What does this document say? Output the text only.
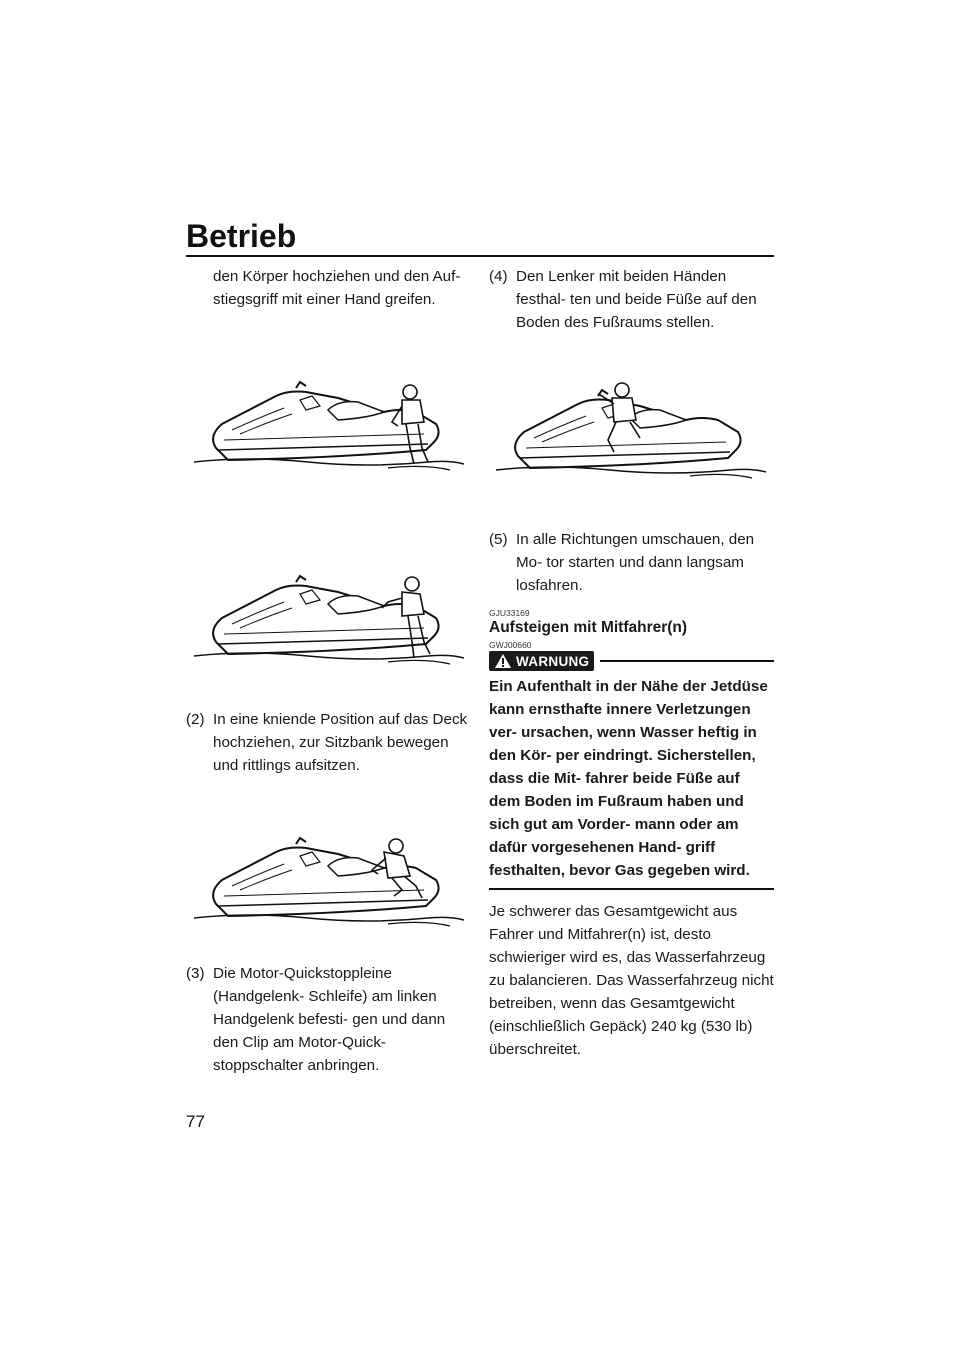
Betrieb

den Körper hochziehen und den Auf- stiegsgriff mit einer Hand greifen.

(2) In eine kniende Position auf das Deck hochziehen, zur Sitzbank bewegen und rittlings aufsitzen.
(3) Die Motor-Quickstoppleine (Handgelenk- Schleife) am linken Handgelenk befesti- gen und dann den Clip am Motor-Quick- stoppschalter anbringen.
(4) Den Lenker mit beiden Händen festhal- ten und beide Füße auf den Boden des Fußraums stellen.
(5) In alle Richtungen umschauen, den Mo- tor starten und dann langsam losfahren.

GJU33169

Aufsteigen mit Mitfahrer(n)

GWJ00660

WARNUNG

Ein Aufenthalt in der Nähe der Jetdüse kann ernsthafte innere Verletzungen ver- ursachen, wenn Wasser heftig in den Kör- per eindringt. Sicherstellen, dass die Mit- fahrer beide Füße auf dem Boden im Fußraum haben und sich gut am Vorder- mann oder am dafür vorgesehenen Hand- griff festhalten, bevor Gas gegeben wird.

Je schwerer das Gesamtgewicht aus Fahrer und Mitfahrer(n) ist, desto schwieriger wird es, das Wasserfahrzeug zu balancieren. Das Wasserfahrzeug nicht betreiben, wenn das Gesamtgewicht (einschließlich Gepäck) 240 kg (530 lb) überschreitet.

77
